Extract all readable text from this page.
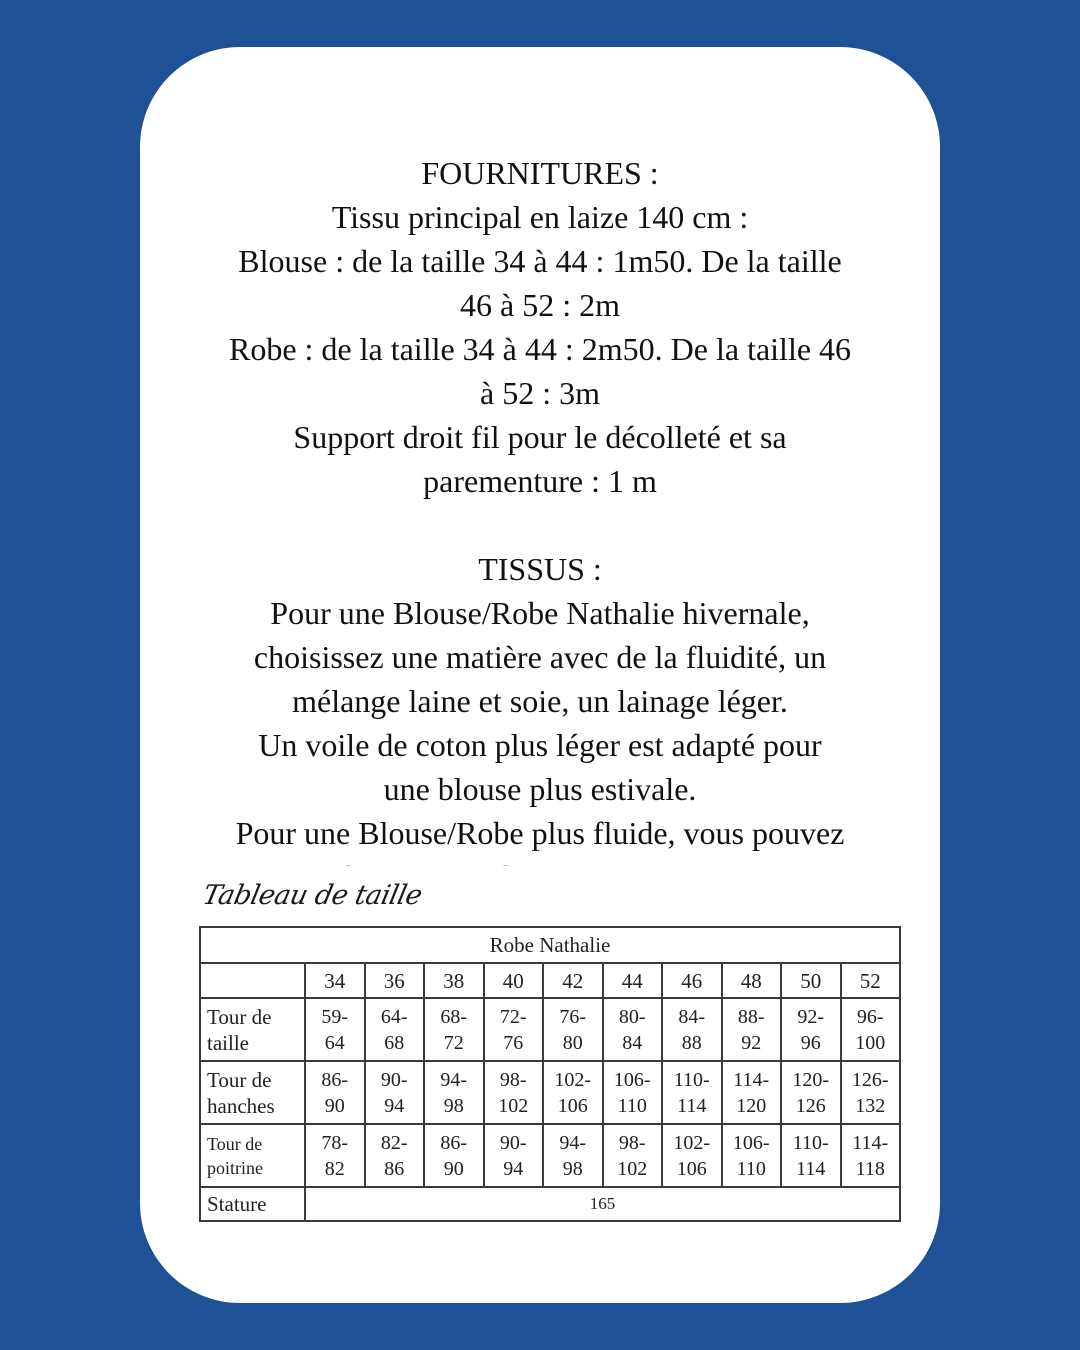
FOURNITURES :
Tissu principal en laize 140 cm :
Blouse : de la taille 34 à 44 : 1m50. De la taille
46 à 52 : 2m
Robe : de la taille 34 à 44 : 2m50. De la taille 46
à 52 : 3m
Support droit fil pour le décolleté et sa
parementure : 1 m
TISSUS :
Pour une Blouse/Robe Nathalie hivernale,
choisissez une matière avec de la fluidité, un
mélange laine et soie, un lainage léger.
Un voile de coton plus léger est adapté pour
une blouse plus estivale.
Pour une Blouse/Robe plus fluide, vous pouvez
Tableau de taille
Robe Nathalie										
	34	36	38	40	42	44	46	48	50	52

Tour de
taille	59-
64	64-
68	68-
72	72-
76	76-
80	80-
84	84-
88	88-
92	92-
96	96-
100

Tour de
hanches	86-
90	90-
94	94-
98	98-
102	102-
106	106-
110	110-
114	114-
120	120-
126	126-
132

Tour de
poitrine	78-
82	82-
86	86-
90	90-
94	94-
98	98-
102	102-
106	106-
110	110-
114	114-
118

Stature	165									
